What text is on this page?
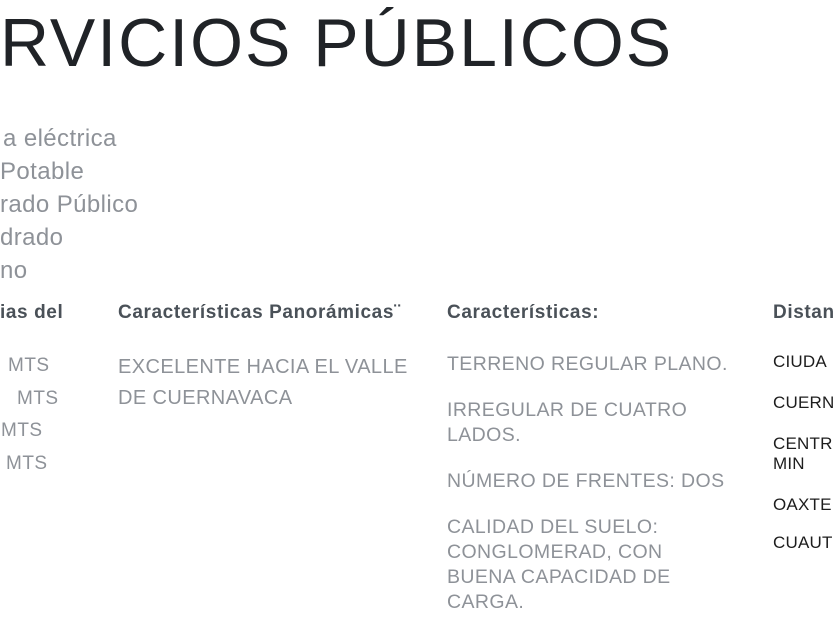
RVICIOS PÚBLICOS
a eléctrica
Potable
rado Público
drado
no
ias del
MTS
MTS
MTS
MTS
Características Panorámicas¨
EXCELENTE HACIA EL VALLE
DE CUERNAVACA
Características:

TERRENO REGULAR PLANO.

IRREGULAR DE CUATRO
LADOS.

NÚMERO DE FRENTES: DOS

CALIDAD DEL SUELO:
CONGLOMERAD, CON
BUENA CAPACIDAD DE
CARGA.

Distan
CIUDA
CUERN
CENTR
MIN
OAXTE
CUAUT
